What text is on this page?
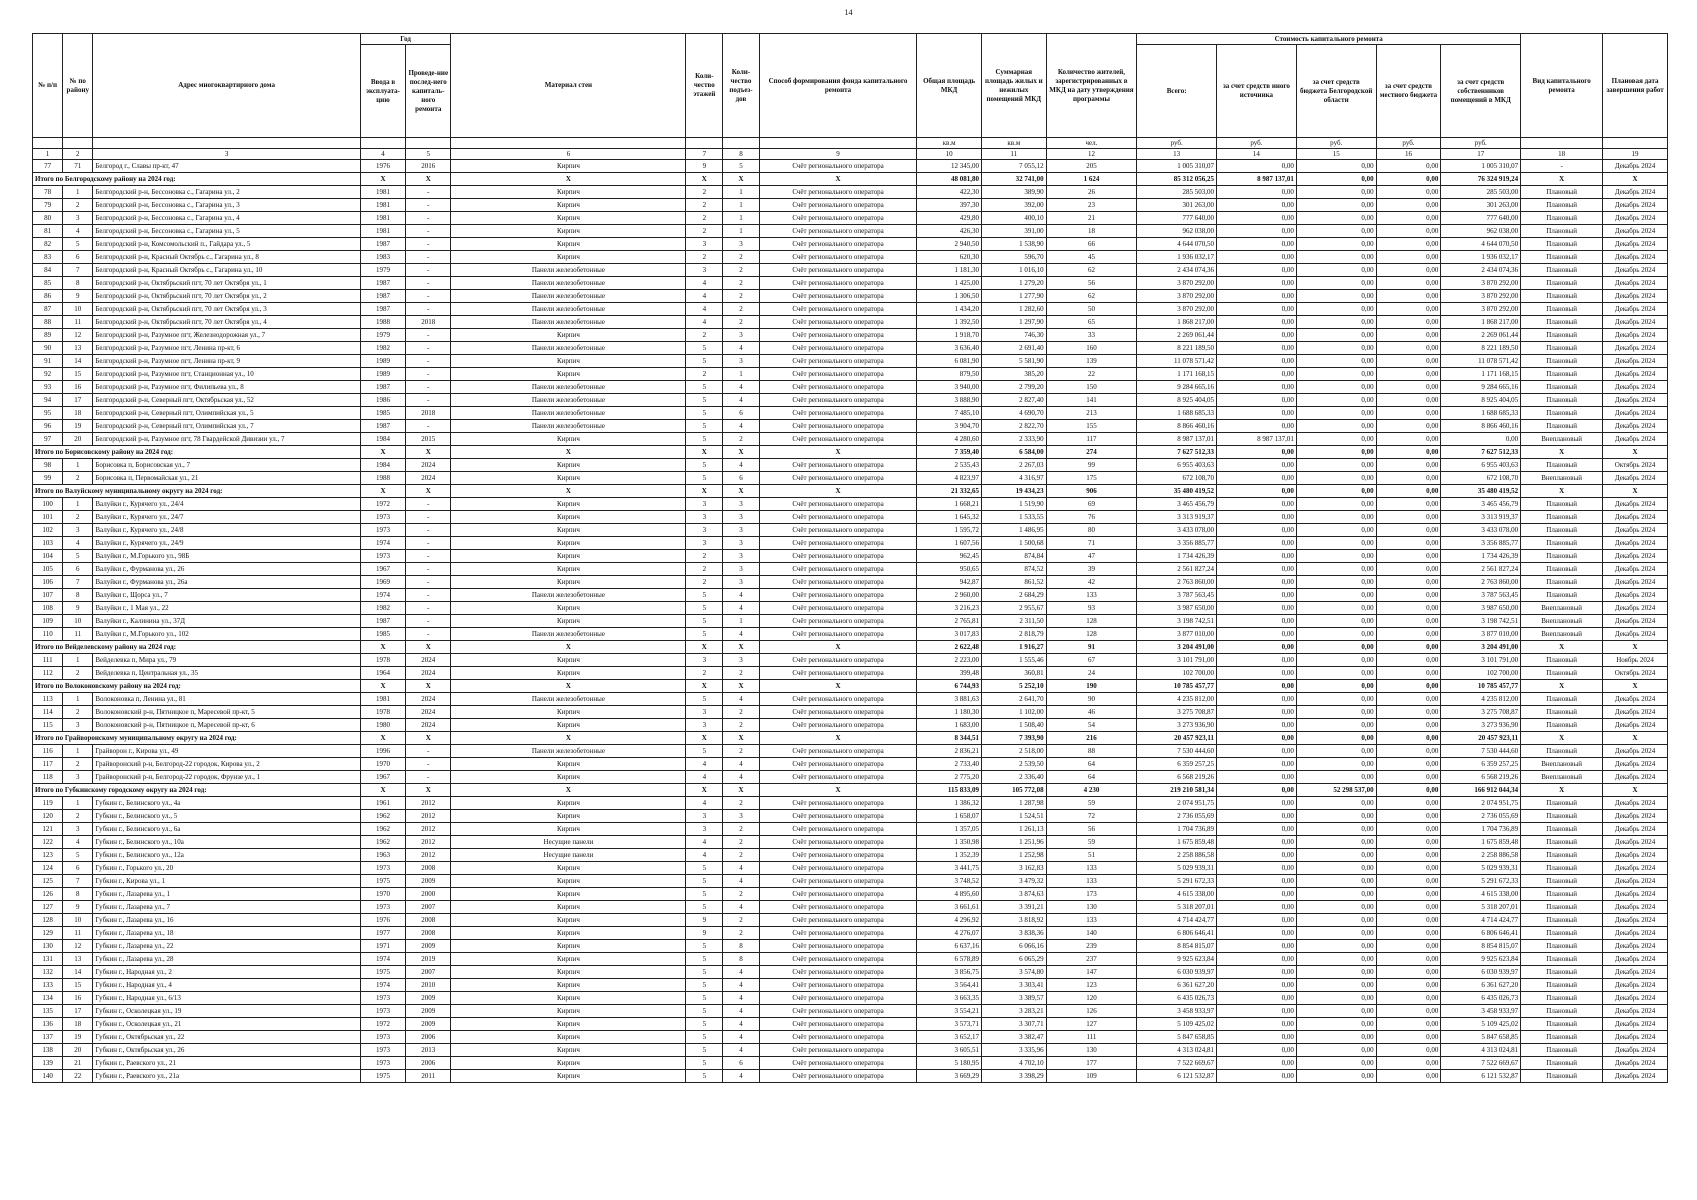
14
№ п/п	№ по району	Адрес многоквартирного дома	Год		Материал стен	Коли-чество этажей	Коли-чество подъез-дов	Способ формирования фонда капитального ремонта	Общая площадь МКД	Суммарная площадь жилых и нежилых помещений МКД	Количество жителей, зарегистрированных в МКД на дату утверждения программы	Стоимость капитального ремонта					Вид капитального ремонта	Плановая дата завершения работ
			Ввода в эксплуата-цию	Проведе-ние послед-него капиталь-ного ремонта								Всего:	за счет средств иного источника	за счет средств бюджета Белгородской области	за счет средств местного бюджета	за счет средств собственников помещений в МКД		
									кв.м	кв.м	чел.	руб.	руб.	руб.	руб.	руб.		
1	2	3	4	5	6	7	8	9	10	11	12	13	14	15	16	17	18	19
77	71	Белгород г., Славы пр-кт, 47	1976	2016	Кирпич	9	5	Счёт регионального оператора	12 345,00	7 055,12	205	1 005 310,07	0,00	0,00	0,00	1 005 310,07	-	Декабрь 2024
Итого по Белгородскому району на 2024 год:			X	X	X	X	X	X	48 081,80	32 741,00	1 624	85 312 056,25	8 987 137,01	0,00	0,00	76 324 919,24	X	X
78	1	Белгородский р-н, Бессоновка с., Гагарина ул., 2	1981	-	Кирпич	2	1	Счёт регионального оператора	422,30	389,90	26	285 503,00	0,00	0,00	0,00	285 503,00	Плановый	Декабрь 2024
79	2	Белгородский р-н, Бессоновка с., Гагарина ул., 3	1981	-	Кирпич	2	1	Счёт регионального оператора	397,30	392,00	23	301 263,00	0,00	0,00	0,00	301 263,00	Плановый	Декабрь 2024
80	3	Белгородский р-н, Бессоновка с., Гагарина ул., 4	1981	-	Кирпич	2	1	Счёт регионального оператора	429,80	400,10	21	777 640,00	0,00	0,00	0,00	777 640,00	Плановый	Декабрь 2024
81	4	Белгородский р-н, Бессоновка с., Гагарина ул., 5	1981	-	Кирпич	2	1	Счёт регионального оператора	426,30	391,00	18	962 038,00	0,00	0,00	0,00	962 038,00	Плановый	Декабрь 2024
82	5	Белгородский р-н, Комсомольский п., Гайдара ул., 5	1987	-	Кирпич	3	3	Счёт регионального оператора	2 940,50	1 538,90	66	4 644 070,50	0,00	0,00	0,00	4 644 070,50	Плановый	Декабрь 2024
83	6	Белгородский р-н, Красный Октябрь с., Гагарина ул., 8	1983	-	Кирпич	2	2	Счёт регионального оператора	620,30	596,70	45	1 936 032,17	0,00	0,00	0,00	1 936 032,17	Плановый	Декабрь 2024
84	7	Белгородский р-н, Красный Октябрь с., Гагарина ул., 10	1979	-	Панели железобетонные	3	2	Счёт регионального оператора	1 181,30	1 016,10	62	2 434 074,36	0,00	0,00	0,00	2 434 074,36	Плановый	Декабрь 2024
85	8	Белгородский р-н, Октябрьский пгт, 70 лет Октября ул., 1	1987	-	Панели железобетонные	4	2	Счёт регионального оператора	1 425,00	1 279,20	56	3 870 292,00	0,00	0,00	0,00	3 870 292,00	Плановый	Декабрь 2024
86	9	Белгородский р-н, Октябрьский пгт, 70 лет Октября ул., 2	1987	-	Панели железобетонные	4	2	Счёт регионального оператора	1 306,50	1 277,90	62	3 870 292,00	0,00	0,00	0,00	3 870 292,00	Плановый	Декабрь 2024
87	10	Белгородский р-н, Октябрьский пгт, 70 лет Октября ул., 3	1987	-	Панели железобетонные	4	2	Счёт регионального оператора	1 434,20	1 282,60	50	3 870 292,00	0,00	0,00	0,00	3 870 292,00	Плановый	Декабрь 2024
88	11	Белгородский р-н, Октябрьский пгт, 70 лет Октября ул., 4	1988	2018	Панели железобетонные	4	2	Счёт регионального оператора	1 392,50	1 297,90	65	1 868 217,00	0,00	0,00	0,00	1 868 217,00	Плановый	Декабрь 2024
89	12	Белгородский р-н, Разумное пгт, Железнодорожная ул., 7	1979	-	Кирпич	2	3	Счёт регионального оператора	1 918,70	746,30	33	2 269 061,44	0,00	0,00	0,00	2 269 061,44	Плановый	Декабрь 2024
90	13	Белгородский р-н, Разумное пгт, Ленина пр-кт, 6	1982	-	Панели железобетонные	5	4	Счёт регионального оператора	3 636,40	2 691,40	160	8 221 189,50	0,00	0,00	0,00	8 221 189,50	Плановый	Декабрь 2024
91	14	Белгородский р-н, Разумное пгт, Ленина пр-кт, 9	1989	-	Кирпич	5	3	Счёт регионального оператора	6 081,90	5 581,90	139	11 078 571,42	0,00	0,00	0,00	11 078 571,42	Плановый	Декабрь 2024
92	15	Белгородский р-н, Разумное пгт, Станционная ул., 10	1989	-	Кирпич	2	1	Счёт регионального оператора	879,50	385,20	22	1 171 168,15	0,00	0,00	0,00	1 171 168,15	Плановый	Декабрь 2024
93	16	Белгородский р-н, Разумное пгт, Филипьева ул., 8	1987	-	Панели железобетонные	5	4	Счёт регионального оператора	3 940,00	2 799,20	150	9 284 665,16	0,00	0,00	0,00	9 284 665,16	Плановый	Декабрь 2024
94	17	Белгородский р-н, Северный пгт, Октябрьская ул., 52	1986	-	Панели железобетонные	5	4	Счёт регионального оператора	3 888,90	2 827,40	141	8 925 404,05	0,00	0,00	0,00	8 925 404,05	Плановый	Декабрь 2024
95	18	Белгородский р-н, Северный пгт, Олимпийская ул., 5	1985	2018	Панели железобетонные	5	6	Счёт регионального оператора	7 485,10	4 690,70	213	1 688 685,33	0,00	0,00	0,00	1 688 685,33	Плановый	Декабрь 2024
96	19	Белгородский р-н, Северный пгт, Олимпийская ул., 7	1987	-	Панели железобетонные	5	4	Счёт регионального оператора	3 904,70	2 822,70	155	8 866 460,16	0,00	0,00	0,00	8 866 460,16	Плановый	Декабрь 2024
97	20	Белгородский р-н, Разумное пгт, 78 Гвардейской Дивизии ул., 7	1984	2015	Кирпич	5	2	Счёт регионального оператора	4 280,60	2 333,90	117	8 987 137,01	8 987 137,01	0,00	0,00	0,00	Внеплановый	Декабрь 2024
Итого по Борисовскому району на 2024 год:			X	X	X	X	X	X	7 359,40	6 584,00	274	7 627 512,33	0,00	0,00	0,00	7 627 512,33	X	X
98	1	Борисовка п, Борисовская ул., 7	1984	2024	Кирпич	5	4	Счёт регионального оператора	2 535,43	2 267,03	99	6 955 403,63	0,00	0,00	0,00	6 955 403,63	Плановый	Октябрь 2024
99	2	Борисовка п, Первомайская ул., 21	1988	2024	Кирпич	5	6	Счёт регионального оператора	4 823,97	4 316,97	175	672 108,70	0,00	0,00	0,00	672 108,70	Внеплановый	Декабрь 2024
Итого по Валуйскому муниципальному округу на 2024 год:			X	X	X	X	X	X	21 332,65	19 434,23	906	35 480 419,52	0,00	0,00	0,00	35 480 419,52	X	X
100	1	Валуйки г., Курячего ул., 24/4	1972	-	Кирпич	3	3	Счёт регионального оператора	1 668,21	1 519,90	69	3 465 456,79	0,00	0,00	0,00	3 465 456,79	Плановый	Декабрь 2024
101	2	Валуйки г., Курячего ул., 24/7	1973	-	Кирпич	3	3	Счёт регионального оператора	1 645,32	1 533,55	76	3 313 919,37	0,00	0,00	0,00	3 313 919,37	Плановый	Декабрь 2024
102	3	Валуйки г., Курячего ул., 24/8	1973	-	Кирпич	3	3	Счёт регионального оператора	1 595,72	1 486,95	80	3 433 078,00	0,00	0,00	0,00	3 433 078,00	Плановый	Декабрь 2024
103	4	Валуйки г., Курячего ул., 24/9	1974	-	Кирпич	3	3	Счёт регионального оператора	1 607,56	1 500,68	71	3 356 885,77	0,00	0,00	0,00	3 356 885,77	Плановый	Декабрь 2024
104	5	Валуйки г., М.Горького ул., 98Б	1973	-	Кирпич	2	3	Счёт регионального оператора	962,45	874,84	47	1 734 426,39	0,00	0,00	0,00	1 734 426,39	Плановый	Декабрь 2024
105	6	Валуйки г., Фурманова ул., 26	1967	-	Кирпич	2	3	Счёт регионального оператора	950,65	874,52	39	2 561 827,24	0,00	0,00	0,00	2 561 827,24	Плановый	Декабрь 2024
106	7	Валуйки г., Фурманова ул., 26а	1969	-	Кирпич	2	3	Счёт регионального оператора	942,87	861,52	42	2 763 860,00	0,00	0,00	0,00	2 763 860,00	Плановый	Декабрь 2024
107	8	Валуйки г., Щорса ул., 7	1974	-	Панели железобетонные	5	4	Счёт регионального оператора	2 960,00	2 684,29	133	3 787 563,45	0,00	0,00	0,00	3 787 563,45	Плановый	Декабрь 2024
108	9	Валуйки г., 1 Мая ул., 22	1982	-	Кирпич	5	4	Счёт регионального оператора	3 216,23	2 955,67	93	3 987 650,00	0,00	0,00	0,00	3 987 650,00	Внеплановый	Декабрь 2024
109	10	Валуйки г., Калинина ул., 37Д	1987	-	Кирпич	5	1	Счёт регионального оператора	2 765,81	2 311,50	128	3 198 742,51	0,00	0,00	0,00	3 198 742,51	Внеплановый	Декабрь 2024
110	11	Валуйки г., М.Горького ул., 102	1985	-	Панели железобетонные	5	4	Счёт регионального оператора	3 017,83	2 818,79	128	3 877 010,00	0,00	0,00	0,00	3 877 010,00	Внеплановый	Декабрь 2024
Итого по Вейделевскому району на 2024 год:			X	X	X	X	X	X	2 622,48	1 916,27	91	3 204 491,00	0,00	0,00	0,00	3 204 491,00	X	X
111	1	Вейделевка п, Мира ул., 79	1978	2024	Кирпич	3	3	Счёт регионального оператора	2 223,00	1 555,46	67	3 101 791,00	0,00	0,00	0,00	3 101 791,00	Плановый	Ноябрь 2024
112	2	Вейделевка п, Центральная ул., 35	1964	2024	Кирпич	2	2	Счёт регионального оператора	399,48	360,81	24	102 700,00	0,00	0,00	0,00	102 700,00	Плановый	Октябрь 2024
Итого по Волоконовскому району на 2024 год:			X	X	X	X	X	X	6 744,93	5 252,10	190	10 785 457,77	0,00	0,00	0,00	10 785 457,77	X	X
113	1	Волоконовка п, Ленина ул., 81	1981	2024	Панели железобетонные	5	4	Счёт регионального оператора	3 881,63	2 641,70	90	4 235 812,00	0,00	0,00	0,00	4 235 812,00	Плановый	Декабрь 2024
114	2	Волоконовский р-н, Пятницкое п, Маресевой пр-кт, 5	1978	2024	Кирпич	3	2	Счёт регионального оператора	1 180,30	1 102,00	46	3 275 708,87	0,00	0,00	0,00	3 275 708,87	Плановый	Декабрь 2024
115	3	Волоконовский р-н, Пятницкое п, Маресевой пр-кт, 6	1980	2024	Кирпич	3	2	Счёт регионального оператора	1 683,00	1 508,40	54	3 273 936,90	0,00	0,00	0,00	3 273 936,90	Плановый	Декабрь 2024
Итого по Грайворонскому муниципальному округу на 2024 год:			X	X	X	X	X	X	8 344,51	7 393,90	216	20 457 923,11	0,00	0,00	0,00	20 457 923,11	X	X
116	1	Грайворон г., Кирова ул., 49	1996	-	Панели железобетонные	5	2	Счёт регионального оператора	2 836,21	2 518,00	88	7 530 444,60	0,00	0,00	0,00	7 530 444,60	Плановый	Декабрь 2024
117	2	Грайворонский р-н, Белгород-22 городок, Кирова ул., 2	1970	-	Кирпич	4	4	Счёт регионального оператора	2 733,40	2 539,50	64	6 359 257,25	0,00	0,00	0,00	6 359 257,25	Внеплановый	Декабрь 2024
118	3	Грайворонский р-н, Белгород-22 городок, Фрунзе ул., 1	1967	-	Кирпич	4	4	Счёт регионального оператора	2 775,20	2 336,40	64	6 568 219,26	0,00	0,00	0,00	6 568 219,26	Внеплановый	Декабрь 2024
Итого по Губкинскому городскому округу на 2024 год:			X	X	X	X	X	X	115 833,09	105 772,08	4 230	219 210 581,34	0,00	52 298 537,00	0,00	166 912 044,34	X	X
119	1	Губкин г., Белинского ул., 4а	1961	2012	Кирпич	4	2	Счёт регионального оператора	1 386,32	1 287,98	59	2 074 951,75	0,00	0,00	0,00	2 074 951,75	Плановый	Декабрь 2024
120	2	Губкин г., Белинского ул., 5	1962	2012	Кирпич	3	3	Счёт регионального оператора	1 658,07	1 524,51	72	2 736 055,69	0,00	0,00	0,00	2 736 055,69	Плановый	Декабрь 2024
121	3	Губкин г., Белинского ул., 6а	1962	2012	Кирпич	3	2	Счёт регионального оператора	1 357,05	1 261,13	56	1 704 736,89	0,00	0,00	0,00	1 704 736,89	Плановый	Декабрь 2024
122	4	Губкин г., Белинского ул., 10а	1962	2012	Несущие панели	4	2	Счёт регионального оператора	1 350,98	1 251,96	59	1 675 859,48	0,00	0,00	0,00	1 675 859,48	Плановый	Декабрь 2024
123	5	Губкин г., Белинского ул., 12а	1963	2012	Несущие панели	4	2	Счёт регионального оператора	1 352,39	1 252,98	51	2 258 886,58	0,00	0,00	0,00	2 258 886,58	Плановый	Декабрь 2024
124	6	Губкин г., Горького ул., 20	1973	2008	Кирпич	5	4	Счёт регионального оператора	3 441,75	3 162,83	133	5 029 939,31	0,00	0,00	0,00	5 029 939,31	Плановый	Декабрь 2024
125	7	Губкин г., Кирова ул., 1	1975	2009	Кирпич	5	4	Счёт регионального оператора	3 748,52	3 479,32	133	5 291 672,33	0,00	0,00	0,00	5 291 672,33	Плановый	Декабрь 2024
126	8	Губкин г., Лазарева ул., 1	1970	2000	Кирпич	5	2	Счёт регионального оператора	4 895,60	3 874,63	173	4 615 338,00	0,00	0,00	0,00	4 615 338,00	Плановый	Декабрь 2024
127	9	Губкин г., Лазарева ул., 7	1973	2007	Кирпич	5	4	Счёт регионального оператора	3 661,61	3 391,21	130	5 318 207,01	0,00	0,00	0,00	5 318 207,01	Плановый	Декабрь 2024
128	10	Губкин г., Лазарева ул., 16	1976	2008	Кирпич	9	2	Счёт регионального оператора	4 296,92	3 818,92	133	4 714 424,77	0,00	0,00	0,00	4 714 424,77	Плановый	Декабрь 2024
129	11	Губкин г., Лазарева ул., 18	1977	2008	Кирпич	9	2	Счёт регионального оператора	4 276,07	3 838,36	140	6 806 646,41	0,00	0,00	0,00	6 806 646,41	Плановый	Декабрь 2024
130	12	Губкин г., Лазарева ул., 22	1971	2009	Кирпич	5	8	Счёт регионального оператора	6 637,16	6 066,16	239	8 854 815,07	0,00	0,00	0,00	8 854 815,07	Плановый	Декабрь 2024
131	13	Губкин г., Лазарева ул., 28	1974	2019	Кирпич	5	8	Счёт регионального оператора	6 578,89	6 065,29	237	9 925 623,84	0,00	0,00	0,00	9 925 623,84	Плановый	Декабрь 2024
132	14	Губкин г., Народная ул., 2	1975	2007	Кирпич	5	4	Счёт регионального оператора	3 856,75	3 574,80	147	6 030 939,97	0,00	0,00	0,00	6 030 939,97	Плановый	Декабрь 2024
133	15	Губкин г., Народная ул., 4	1974	2010	Кирпич	5	4	Счёт регионального оператора	3 564,41	3 303,41	123	6 361 627,20	0,00	0,00	0,00	6 361 627,20	Плановый	Декабрь 2024
134	16	Губкин г., Народная ул., 6/13	1973	2009	Кирпич	5	4	Счёт регионального оператора	3 663,35	3 389,57	120	6 435 026,73	0,00	0,00	0,00	6 435 026,73	Плановый	Декабрь 2024
135	17	Губкин г., Осколецкая ул., 19	1973	2009	Кирпич	5	4	Счёт регионального оператора	3 554,21	3 283,21	126	3 458 933,97	0,00	0,00	0,00	3 458 933,97	Плановый	Декабрь 2024
136	18	Губкин г., Осколецкая ул., 21	1972	2009	Кирпич	5	4	Счёт регионального оператора	3 573,71	3 307,71	127	5 109 425,02	0,00	0,00	0,00	5 109 425,02	Плановый	Декабрь 2024
137	19	Губкин г., Октябрьская ул., 22	1973	2006	Кирпич	5	4	Счёт регионального оператора	3 652,17	3 382,47	111	5 847 658,85	0,00	0,00	0,00	5 847 658,85	Плановый	Декабрь 2024
138	20	Губкин г., Октябрьская ул., 26	1973	2013	Кирпич	5	4	Счёт регионального оператора	3 605,51	3 335,96	130	4 313 024,81	0,00	0,00	0,00	4 313 024,81	Плановый	Декабрь 2024
139	21	Губкин г., Раевского ул., 21	1973	2006	Кирпич	5	6	Счёт регионального оператора	5 180,95	4 702,10	177	7 522 669,67	0,00	0,00	0,00	7 522 669,67	Плановый	Декабрь 2024
140	22	Губкин г., Раевского ул., 21а	1975	2011	Кирпич	5	4	Счёт регионального оператора	3 669,29	3 398,29	109	6 121 532,87	0,00	0,00	0,00	6 121 532,87	Плановый	Декабрь 2024
